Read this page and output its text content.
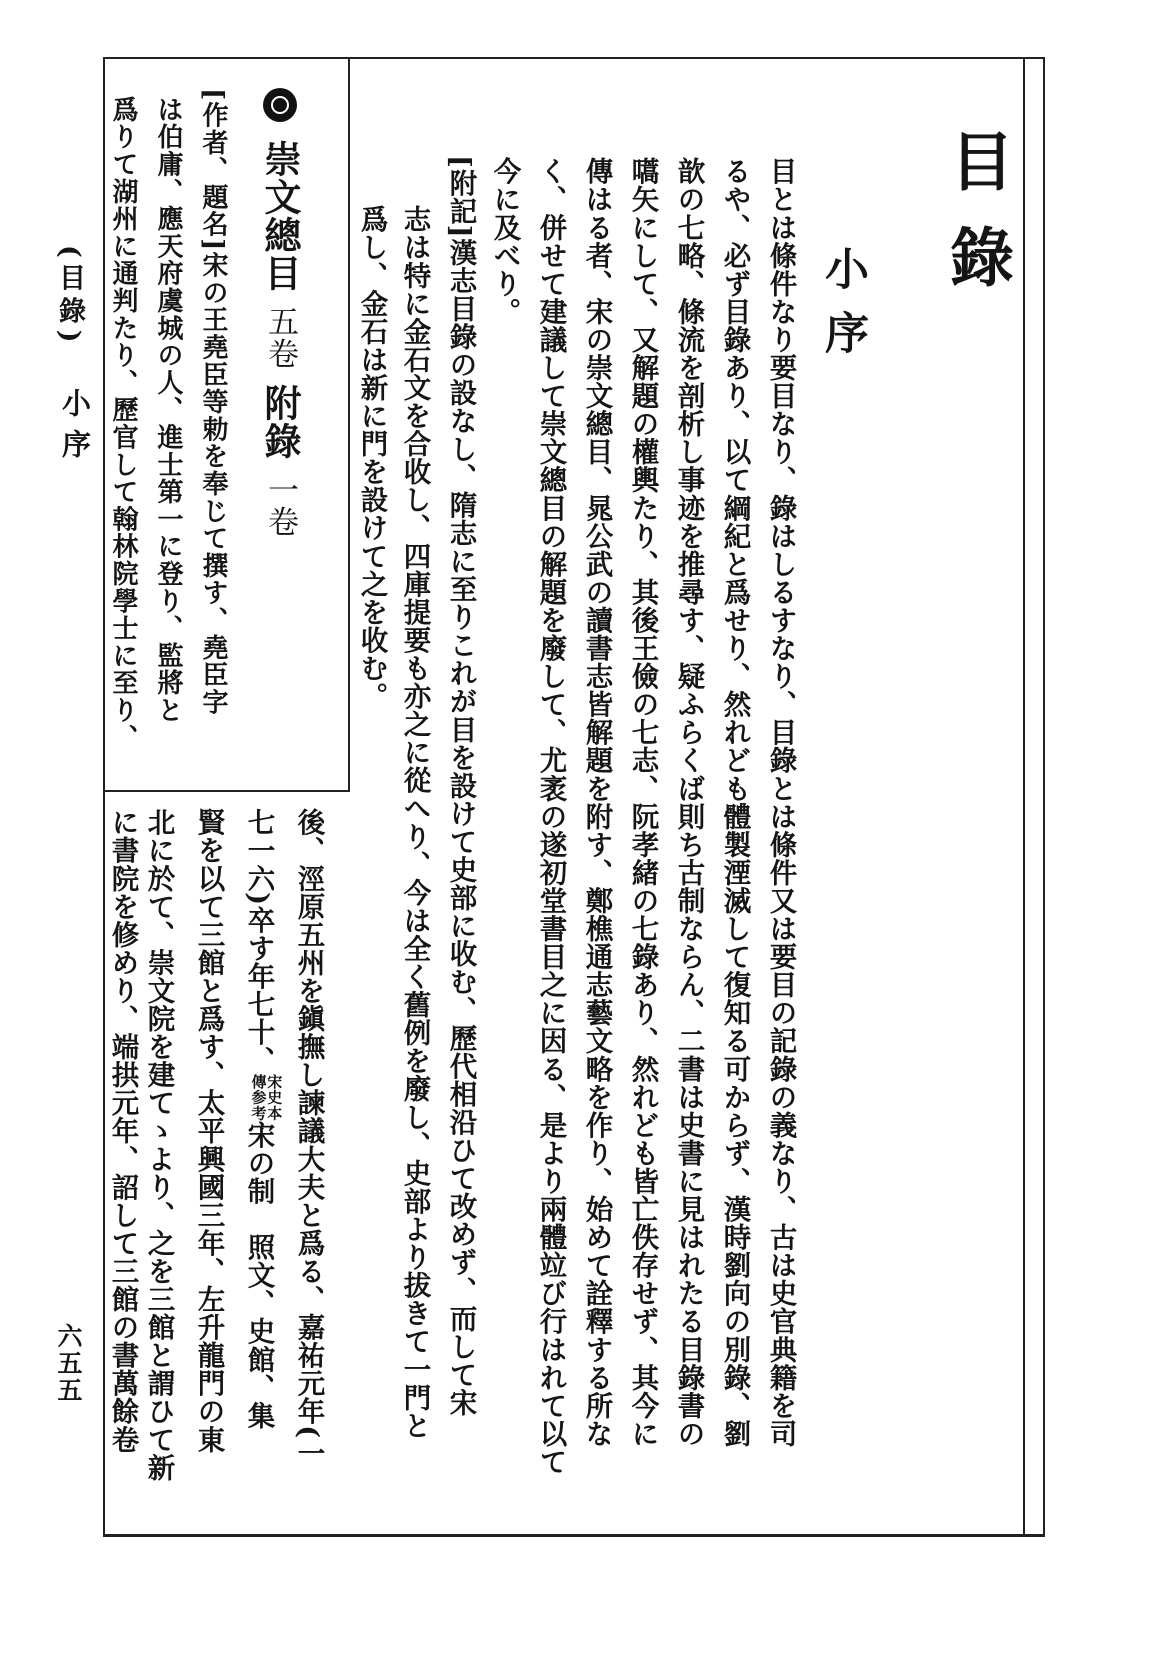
(目錄)
小序
六五五
目錄
小序
目とは條件なり要目なり、錄はしるすなり、目錄とは條件又は要目の記錄の義なり、古は史官典籍を司
るや、必ず目錄あり、以て綱紀と爲せり、然れども體製湮滅して復知る可からず、漢時劉向の別錄、劉
歆の七略、條流を剖析し事迹を推尋す、疑ふらくば則ち古制ならん、二書は史書に見はれたる目錄書の
嚆矢にして、又解題の權輿たり、其後王儉の七志、阮孝緒の七錄あり、然れども皆亡佚存せず、其今に
傳はる者、宋の崇文總目、晁公武の讀書志皆解題を附す、鄭樵通志藝文略を作り、始めて詮釋する所な
く、併せて建議して崇文總目の解題を廢して、尤袤の遂初堂書目之に因る、是より兩體竝び行はれて以て
今に及べり。
[附記]漢志目錄の設なし、隋志に至りこれが目を設けて史部に收む、歷代相沿ひて改めず、而して宋
崇文總目 五卷 附錄 一卷
[作者、題名]宋の王堯臣等勅を奉じて撰す、堯臣字
は伯庸、應天府虞城の人、進士第一に登り、監將と
爲りて湖州に通判たり、歷官して翰林院學士に至り、
後、涇原五州を鎭撫し諫議大夫と爲る、嘉祐元年(一
七一六)卒す年七十、宋史本
傳参考宋の制　照文、史館、集
賢を以て三館と爲す、太平興國三年、左升龍門の東
北に於て、崇文院を建てゝより、之を三館と謂ひて新
に書院を修めり、端拱元年、詔して三館の書萬餘卷	志は特に金石文を合收し、四庫提要も亦之に從へり、今は全く舊例を廢し、史部より拔きて一門と
爲し、金石は新に門を設けて之を收む。
